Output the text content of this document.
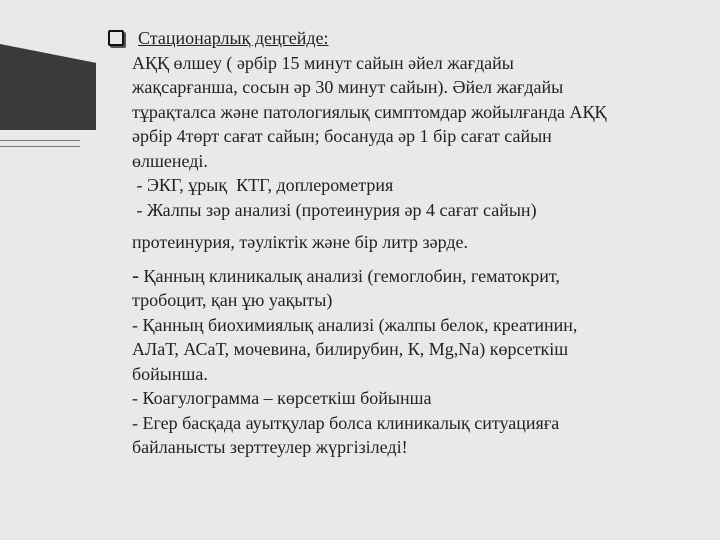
Стационарлық деңгейде:
АҚҚ өлшеу ( әрбір 15 минут сайын әйел жағдайы
жақсарғанша, сосын әр 30 минут сайын). Әйел жағдайы
тұрақталса және патологиялық симптомдар жойылғанда АҚҚ
әрбір 4төрт сағат сайын; босануда әр 1 бір сағат сайын
өлшенеді.
- ЭКГ, ұрық  КТГ, доплерометрия
- Жалпы зәр анализі (протеинурия әр 4 сағат сайын)
протеинурия, тәуліктік және бір литр зәрде.
- Қанның клиникалық анализі (гемоглобин, гематокрит,
тробоцит, қан ұю уақыты)
- Қанның биохимиялық анализі (жалпы белок, креатинин,
АЛаТ, АСаТ, мочевина, билирубин, К, Mg,Na) көрсеткіш
бойынша.
- Коагулограмма – көрсеткіш бойынша
- Егер басқада ауытқулар болса клиникалық ситуацияға
байланысты зерттеулер жүргізіледі!
